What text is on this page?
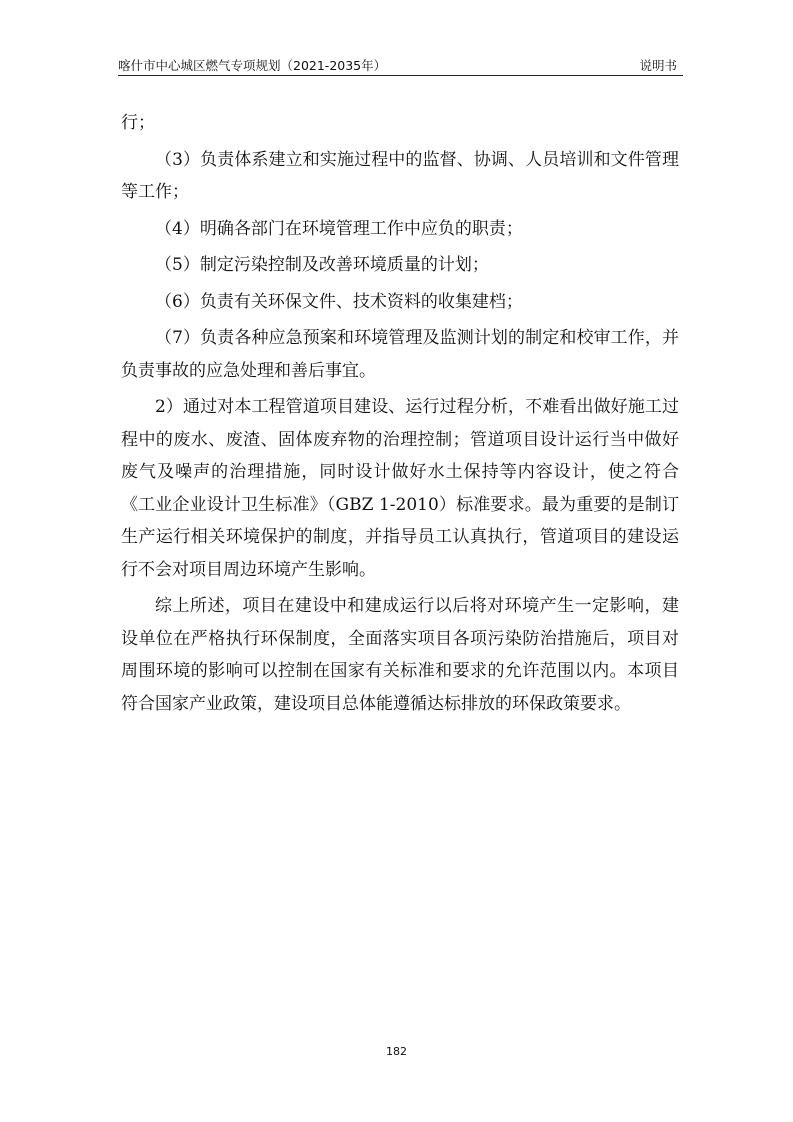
喀什市中心城区燃气专项规划（2021-2035年）	说明书

行；

（3）负责体系建立和实施过程中的监督、协调、人员培训和文件管理等工作；

（4）明确各部门在环境管理工作中应负的职责；

（5）制定污染控制及改善环境质量的计划；

（6）负责有关环保文件、技术资料的收集建档；

（7）负责各种应急预案和环境管理及监测计划的制定和校审工作，并负责事故的应急处理和善后事宜。

2）通过对本工程管道项目建设、运行过程分析，不难看出做好施工过程中的废水、废渣、固体废弃物的治理控制；管道项目设计运行当中做好废气及噪声的治理措施，同时设计做好水土保持等内容设计，使之符合《工业企业设计卫生标准》（GBZ 1-2010）标准要求。最为重要的是制订生产运行相关环境保护的制度，并指导员工认真执行，管道项目的建设运行不会对项目周边环境产生影响。

综上所述，项目在建设中和建成运行以后将对环境产生一定影响，建设单位在严格执行环保制度，全面落实项目各项污染防治措施后，项目对周围环境的影响可以控制在国家有关标准和要求的允许范围以内。本项目符合国家产业政策，建设项目总体能遵循达标排放的环保政策要求。

182
